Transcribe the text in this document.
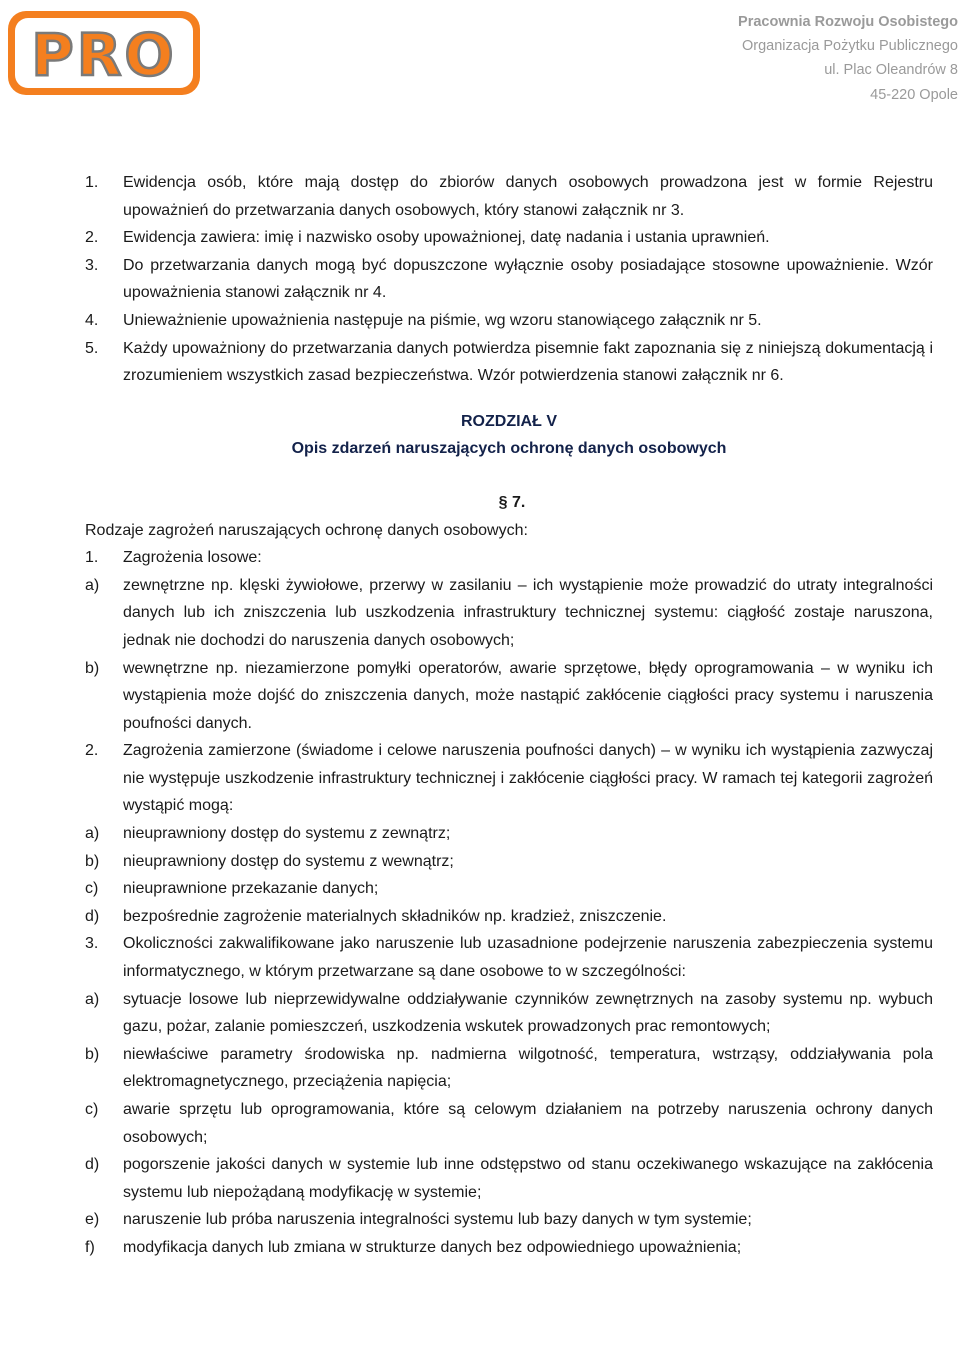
PRO	Pracownia Rozwoju Osobistego
Organizacja Pożytku Publicznego
ul. Plac Oleandrów 8
45-220 Opole
1. Ewidencja osób, które mają dostęp do zbiorów danych osobowych prowadzona jest w formie Rejestru upoważnień do przetwarzania danych osobowych, który stanowi załącznik nr 3.
2. Ewidencja zawiera: imię i nazwisko osoby upoważnionej, datę nadania i ustania uprawnień.
3. Do przetwarzania danych mogą być dopuszczone wyłącznie osoby posiadające stosowne upoważnienie. Wzór upoważnienia stanowi załącznik nr 4.
4. Unieważnienie upoważnienia następuje na piśmie, wg wzoru stanowiącego załącznik nr 5.
5. Każdy upoważniony do przetwarzania danych potwierdza pisemnie fakt zapoznania się z niniejszą dokumentacją i zrozumieniem wszystkich zasad bezpieczeństwa. Wzór potwierdzenia stanowi załącznik nr 6.

ROZDZIAŁ V

Opis zdarzeń naruszających ochronę danych osobowych

§ 7.

Rodzaje zagrożeń naruszających ochronę danych osobowych:

1. Zagrożenia losowe:
a) zewnętrzne np. klęski żywiołowe, przerwy w zasilaniu – ich wystąpienie może prowadzić do utraty integralności danych lub ich zniszczenia lub uszkodzenia infrastruktury technicznej systemu: ciągłość zostaje naruszona, jednak nie dochodzi do naruszenia danych osobowych;
b) wewnętrzne np. niezamierzone pomyłki operatorów, awarie sprzętowe, błędy oprogramowania – w wyniku ich wystąpienia może dojść do zniszczenia danych, może nastąpić zakłócenie ciągłości pracy systemu i naruszenia poufności danych.
2. Zagrożenia zamierzone (świadome i celowe naruszenia poufności danych) – w wyniku ich wystąpienia zazwyczaj nie występuje uszkodzenie infrastruktury technicznej i zakłócenie ciągłości pracy. W ramach tej kategorii zagrożeń wystąpić mogą:
a) nieuprawniony dostęp do systemu z zewnątrz;
b) nieuprawniony dostęp do systemu z wewnątrz;
c) nieuprawnione przekazanie danych;
d) bezpośrednie zagrożenie materialnych składników np. kradzież, zniszczenie.
3. Okoliczności zakwalifikowane jako naruszenie lub uzasadnione podejrzenie naruszenia zabezpieczenia systemu informatycznego, w którym przetwarzane są dane osobowe to w szczególności:
a) sytuacje losowe lub nieprzewidywalne oddziaływanie czynników zewnętrznych na zasoby systemu np. wybuch gazu, pożar, zalanie pomieszczeń, uszkodzenia wskutek prowadzonych prac remontowych;
b) niewłaściwe parametry środowiska np. nadmierna wilgotność, temperatura, wstrząsy, oddziaływania pola elektromagnetycznego, przeciążenia napięcia;
c) awarie sprzętu lub oprogramowania, które są celowym działaniem na potrzeby naruszenia ochrony danych osobowych;
d) pogorszenie jakości danych w systemie lub inne odstępstwo od stanu oczekiwanego wskazujące na zakłócenia systemu lub niepożądaną modyfikację w systemie;
e) naruszenie lub próba naruszenia integralności systemu lub bazy danych w tym systemie;
f) modyfikacja danych lub zmiana w strukturze danych bez odpowiedniego upoważnienia;
